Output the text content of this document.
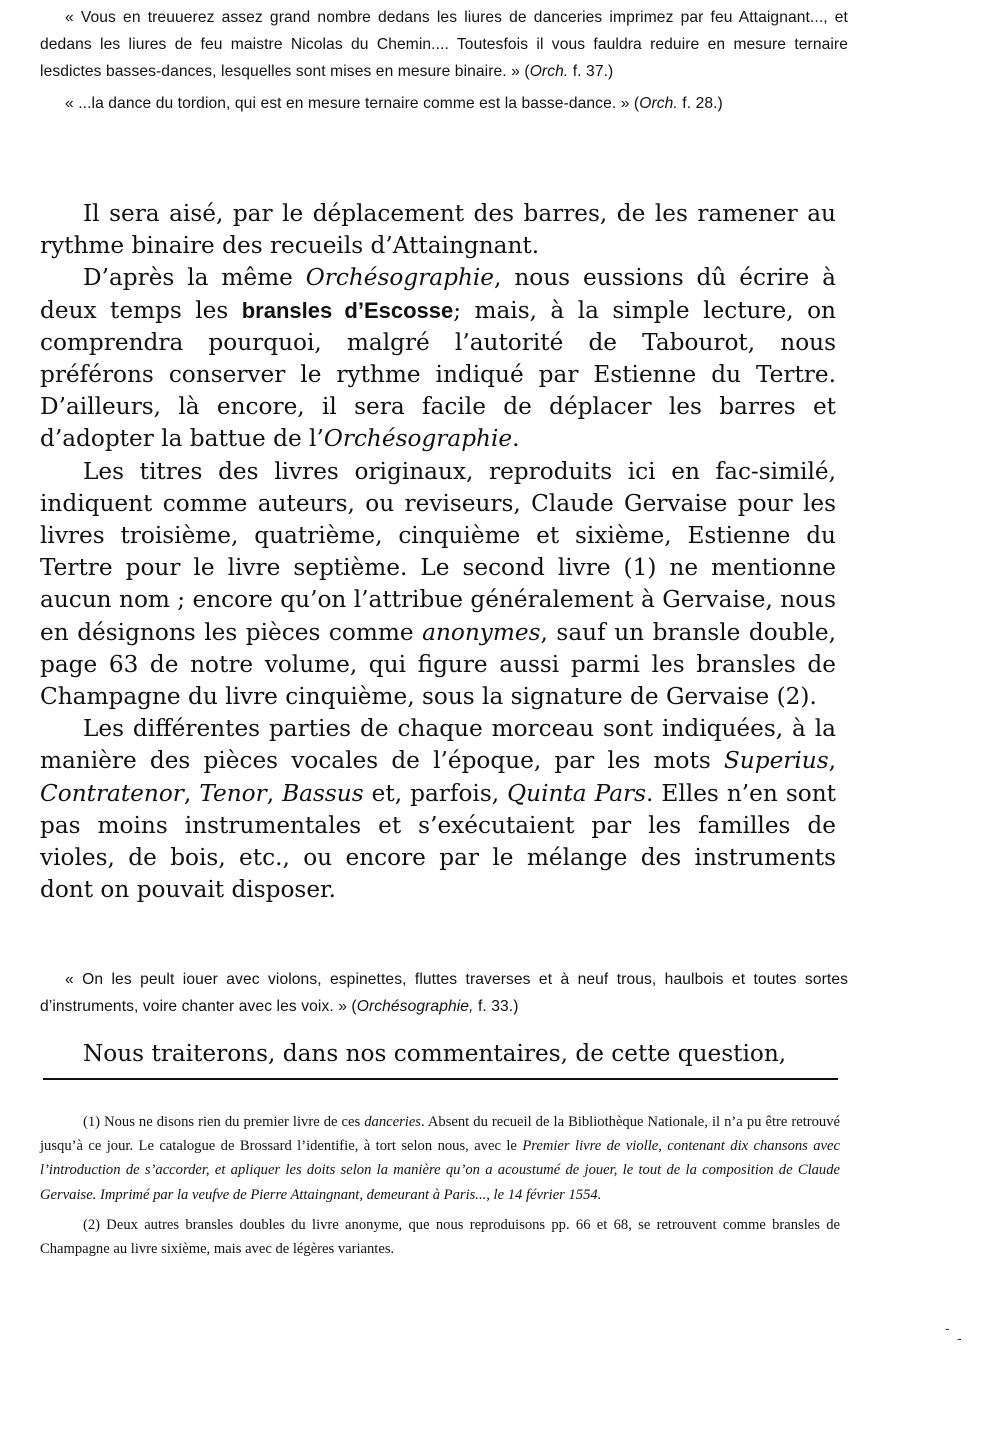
« Vous en treuuerez assez grand nombre dedans les liures de danceries imprimez par feu Attaignant..., et dedans les liures de feu maistre Nicolas du Chemin.... Toutesfois il vous fauldra reduire en mesure ternaire lesdictes basses-dances, lesquelles sont mises en mesure binaire. » (Orch. f. 37.)

« ...la dance du tordion, qui est en mesure ternaire comme est la basse-dance. » (Orch. f. 28.)

Il sera aisé, par le déplacement des barres, de les ramener au rythme binaire des recueils d’Attaingnant.

D’après la même Orchésographie, nous eussions dû écrire à deux temps les bransles d’Escosse; mais, à la simple lecture, on comprendra pourquoi, malgré l’autorité de Tabourot, nous préférons conserver le rythme indiqué par Estienne du Tertre. D’ailleurs, là encore, il sera facile de déplacer les barres et d’adopter la battue de l’Orchésographie.

Les titres des livres originaux, reproduits ici en fac-similé, indiquent comme auteurs, ou reviseurs, Claude Gervaise pour les livres troisième, quatrième, cinquième et sixième, Estienne du Tertre pour le livre septième. Le second livre (1) ne mentionne aucun nom ; encore qu’on l’attribue généralement à Gervaise, nous en désignons les pièces comme anonymes, sauf un bransle double, page 63 de notre volume, qui figure aussi parmi les bransles de Champagne du livre cinquième, sous la signature de Gervaise (2).

Les différentes parties de chaque morceau sont indiquées, à la manière des pièces vocales de l’époque, par les mots Superius, Contratenor, Tenor, Bassus et, parfois, Quinta Pars. Elles n’en sont pas moins instrumentales et s’exécutaient par les familles de violes, de bois, etc., ou encore par le mélange des instruments dont on pouvait disposer.

« On les peult iouer avec violons, espinettes, fluttes traverses et à neuf trous, haulbois et toutes sortes d’instruments, voire chanter avec les voix. » (Orchésographie, f. 33.)

Nous traiterons, dans nos commentaires, de cette question,

(1) Nous ne disons rien du premier livre de ces danceries. Absent du recueil de la Bibliothèque Nationale, il n’a pu être retrouvé jusqu’à ce jour. Le catalogue de Brossard l’identifie, à tort selon nous, avec le Premier livre de violle, contenant dix chansons avec l’introduction de s’accorder, et apliquer les doits selon la manière qu’on a acoustumé de jouer, le tout de la composition de Claude Gervaise. Imprimé par la veufve de Pierre Attaingnant, demeurant à Paris..., le 14 février 1554.

(2) Deux autres bransles doubles du livre anonyme, que nous reproduisons pp. 66 et 68, se retrouvent comme bransles de Champagne au livre sixième, mais avec de légères variantes.

-
-
